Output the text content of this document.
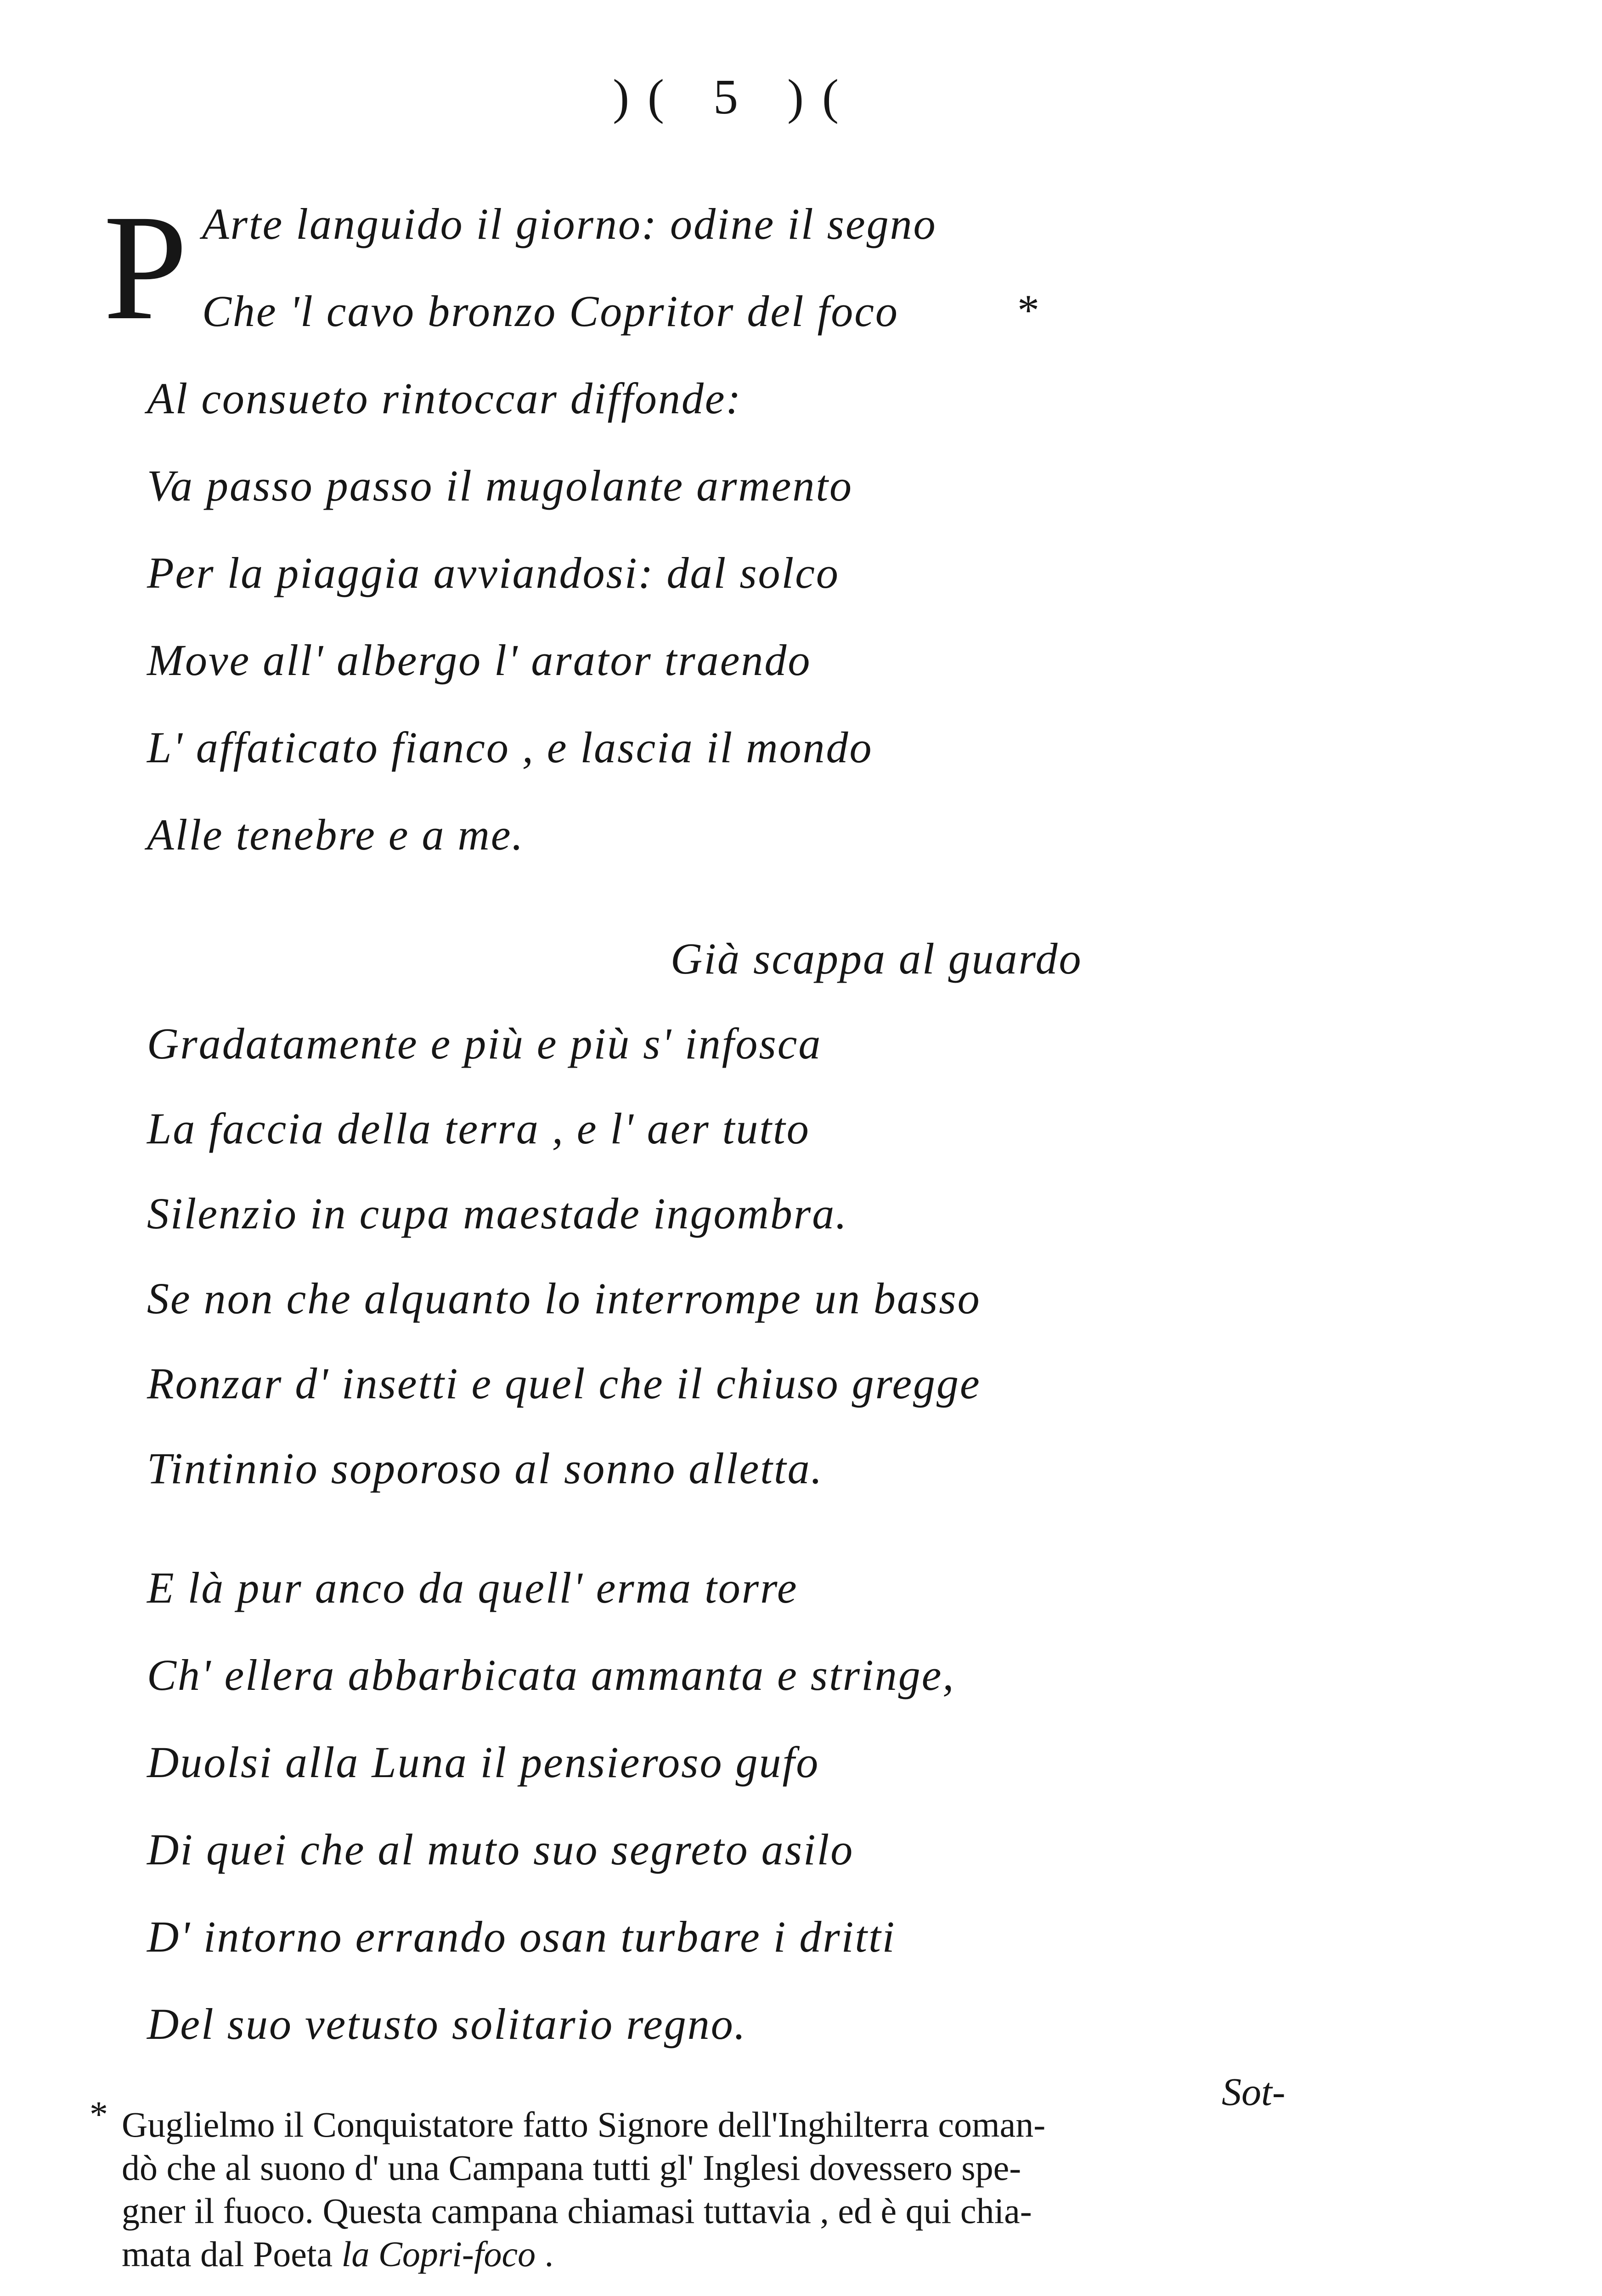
)( 5 )(
P Arte languido il giorno: odine il segno
Che 'l cavo bronzo Copritor del foco	*
Al consueto rintoccar diffonde:
Va passo passo il mugolante armento
Per la piaggia avviandosi: dal solco
Move all' albergo l' arator traendo
L' affaticato fianco , e lascia il mondo
Alle tenebre e a me.
Già scappa al guardo
Gradatamente e più e più s' infosca
La faccia della terra , e l' aer tutto
Silenzio in cupa maestade ingombra.
Se non che alquanto lo interrompe un basso
Ronzar d' insetti e quel che il chiuso gregge
Tintinnio soporoso al sonno alletta.
E là pur anco da quell' erma torre
Ch' ellera abbarbicata ammanta e stringe,
Duolsi alla Luna il pensieroso gufo
Di quei che al muto suo segreto asilo
D' intorno errando osan turbare i dritti
Del suo vetusto solitario regno.
Sot-
* Guglielmo il Conquistatore fatto Signore dell'Inghilterra coman-
dò che al suono d' una Campana tutti gl' Inglesi dovessero spe-
gner il fuoco. Questa campana chiamasi tuttavia , ed è qui chia-
mata dal Poeta la Copri-foco .
